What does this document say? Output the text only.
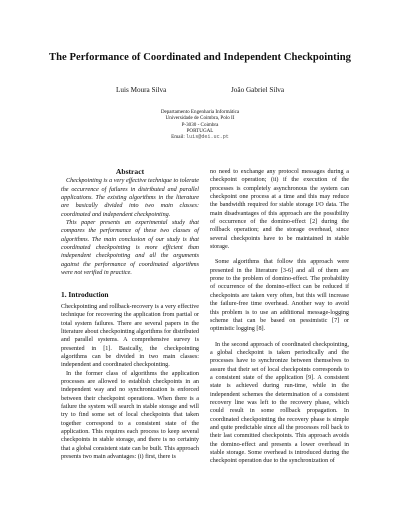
The Performance of Coordinated and Independent Checkpointing
Luis Moura Silva	João Gabriel Silva
Departamento Engenharia Informática
Universidade de Coimbra, Polo II
P-3030 - Coimbra
PORTUGAL
Email: luis@dei.uc.pt
Abstract

Checkpointing is a very effective technique to tolerate the occurrence of failures in distributed and parallel applications. The existing algorithms in the literature are basically divided into two main classes: coordinated and independent checkpointing.

This paper presents an experimental study that compares the performance of these two classes of algorithms. The main conclusion of our study is that coordinated checkpointing is more efficient than independent checkpointing and all the arguments against the performance of coordinated algorithms were not verified in practice.

1. Introduction

Checkpointing and rollback-recovery is a very effective technique for recovering the application from partial or total system failures. There are several papers in the literature about checkpointing algorithms for distributed and parallel systems. A comprehensive survey is presented in [1]. Basically, the checkpointing algorithms can be divided in two main classes: independent and coordinated checkpointing.

In the former class of algorithms the application processes are allowed to establish checkpoints in an independent way and no synchronization is enforced between their checkpoint operations. When there is a failure the system will search in stable storage and will try to find some set of local checkpoints that taken together correspond to a consistent state of the application. This requires each process to keep several checkpoints in stable storage, and there is no certainty that a global consistent state can be built. This approach presents two main advantages: (i) first, there is

no need to exchange any protocol messages during a checkpoint operation; (ii) if the execution of the processes is completely asynchronous the system can checkpoint one process at a time and this may reduce the bandwidth required for stable storage I/O data. The main disadvantages of this approach are the possibility of occurrence of the domino-effect [2] during the rollback operation; and the storage overhead, since several checkpoints have to be maintained in stable storage.

Some algorithms that follow this approach were presented in the literature [3-6] and all of them are prone to the problem of domino-effect. The probability of occurrence of the domino-effect can be reduced if checkpoints are taken very often, but this will increase the failure-free time overhead. Another way to avoid this problem is to use an additional message-logging scheme that can be based on pessimistic [7] or optimistic logging [8].

In the second approach of coordinated checkpointing, a global checkpoint is taken periodically and the processes have to synchronize between themselves to assure that their set of local checkpoints corresponds to a consistent state of the application [9]. A consistent state is achieved during run-time, while in the independent schemes the determination of a consistent recovery line was left to the recovery phase, which could result in some rollback propagation. In coordinated checkpointing the recovery phase is simple and quite predictable since all the processes roll back to their last committed checkpoints. This approach avoids the domino-effect and presents a lower overhead in stable storage. Some overhead is introduced during the checkpoint operation due to the synchronization of
